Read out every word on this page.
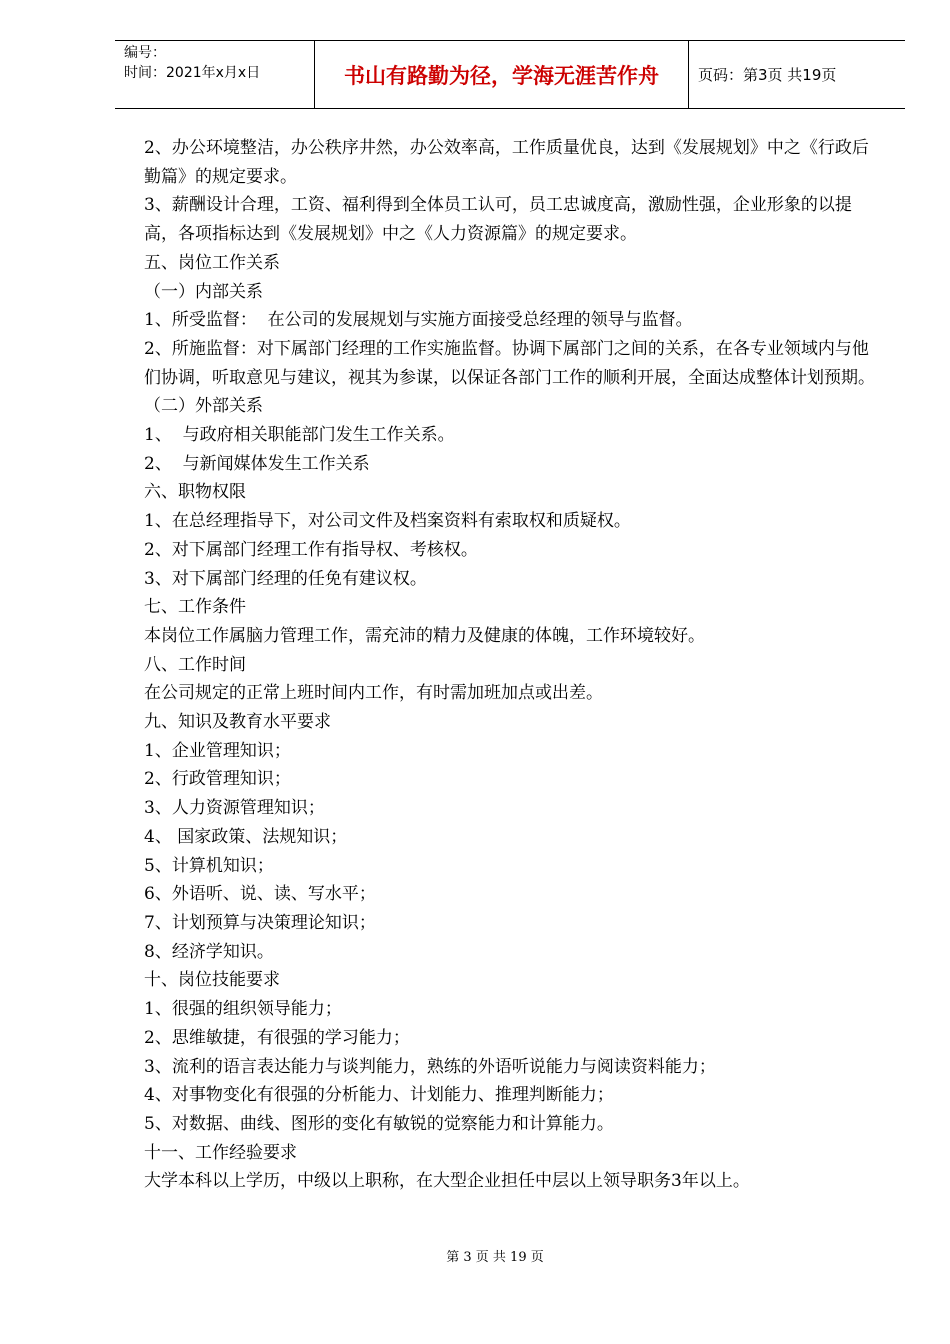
编号：
时间：2021年x月x日	书山有路勤为径，学海无涯苦作舟	页码：第3页 共19页

2、办公环境整洁，办公秩序井然，办公效率高，工作质量优良，达到《发展规划》中之《行政后勤篇》的规定要求。

3、薪酬设计合理，工资、福利得到全体员工认可，员工忠诚度高，激励性强，企业形象的以提高，各项指标达到《发展规划》中之《人力资源篇》的规定要求。

五、岗位工作关系

（一）内部关系

1、所受监督：  在公司的发展规划与实施方面接受总经理的领导与监督。

2、所施监督：对下属部门经理的工作实施监督。协调下属部门之间的关系，在各专业领域内与他们协调，听取意见与建议，视其为参谋，以保证各部门工作的顺利开展，全面达成整体计划预期。

（二）外部关系

1、  与政府相关职能部门发生工作关系。

2、  与新闻媒体发生工作关系

六、职物权限

1、在总经理指导下，对公司文件及档案资料有索取权和质疑权。

2、对下属部门经理工作有指导权、考核权。

3、对下属部门经理的任免有建议权。

七、工作条件

本岗位工作属脑力管理工作，需充沛的精力及健康的体魄，工作环境较好。

八、工作时间

在公司规定的正常上班时间内工作，有时需加班加点或出差。

九、知识及教育水平要求

1、企业管理知识；

2、行政管理知识；

3、人力资源管理知识；

4、 国家政策、法规知识；

5、计算机知识；

6、外语听、说、读、写水平；

7、计划预算与决策理论知识；

8、经济学知识。

十、岗位技能要求

1、很强的组织领导能力；

2、思维敏捷，有很强的学习能力；

3、流利的语言表达能力与谈判能力，熟练的外语听说能力与阅读资料能力；

4、对事物变化有很强的分析能力、计划能力、推理判断能力；

5、对数据、曲线、图形的变化有敏锐的觉察能力和计算能力。

十一、工作经验要求

大学本科以上学历，中级以上职称，在大型企业担任中层以上领导职务3年以上。

第 3 页 共 19 页
